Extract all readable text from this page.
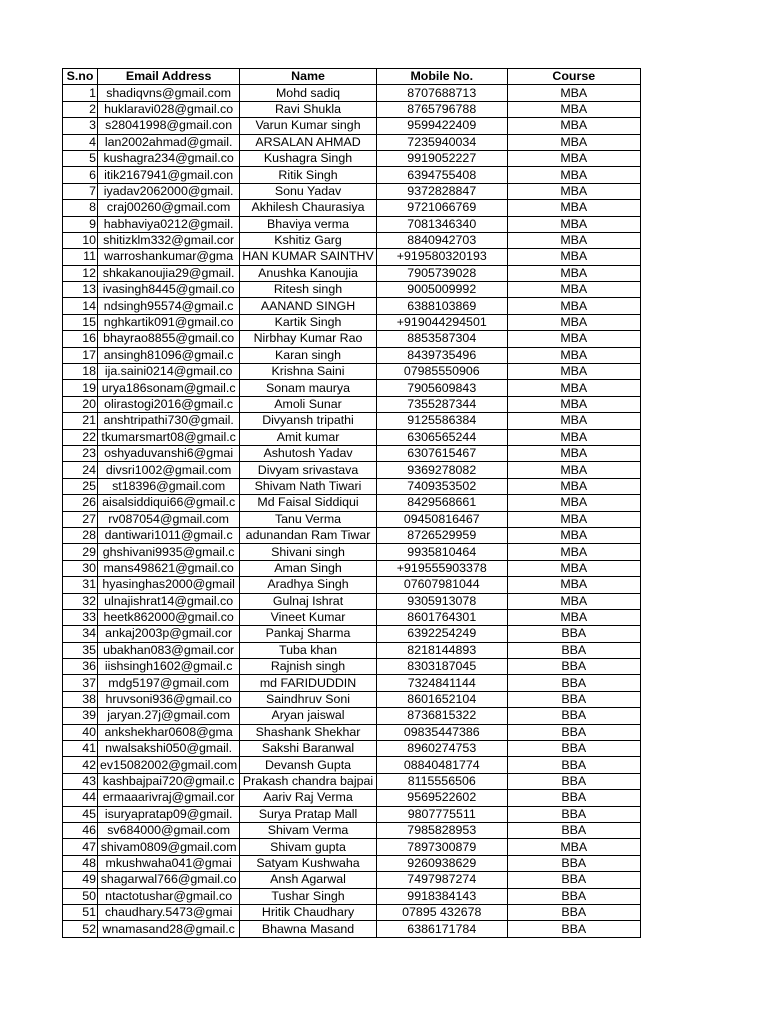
S.no	Email Address	Name	Mobile No.	Course
1	shadiqvns@gmail.com	Mohd sadiq	8707688713	MBA
2	huklaravi028@gmail.co	Ravi Shukla	8765796788	MBA
3	s28041998@gmail.con	Varun Kumar singh	9599422409	MBA
4	lan2002ahmad@gmail.	ARSALAN AHMAD	7235940034	MBA
5	kushagra234@gmail.co	Kushagra Singh	9919052227	MBA
6	itik2167941@gmail.con	Ritik Singh	6394755408	MBA
7	iyadav2062000@gmail.	Sonu Yadav	9372828847	MBA
8	craj00260@gmail.com	Akhilesh Chaurasiya	9721066769	MBA
9	habhaviya0212@gmail.	Bhaviya verma	7081346340	MBA
10	shitizklm332@gmail.cor	Kshitiz Garg	8840942703	MBA
11	warroshankumar@gma	HAN KUMAR SAINTHV	+919580320193	MBA
12	shkakanoujia29@gmail.	Anushka Kanoujia	7905739028	MBA
13	ivasingh8445@gmail.co	Ritesh singh	9005009992	MBA
14	ndsingh95574@gmail.c	AANAND SINGH	6388103869	MBA
15	nghkartik091@gmail.co	Kartik Singh	+919044294501	MBA
16	bhayrao8855@gmail.co	Nirbhay Kumar Rao	8853587304	MBA
17	ansingh81096@gmail.c	Karan singh	8439735496	MBA
18	ija.saini0214@gmail.co	Krishna Saini	07985550906	MBA
19	urya186sonam@gmail.c	Sonam maurya	7905609843	MBA
20	olirastogi2016@gmail.c	Amoli Sunar	7355287344	MBA
21	anshtripathi730@gmail.	Divyansh tripathi	9125586384	MBA
22	tkumarsmart08@gmail.c	Amit kumar	6306565244	MBA
23	oshyaduvanshi6@gmai	Ashutosh Yadav	6307615467	MBA
24	divsri1002@gmail.com	Divyam srivastava	9369278082	MBA
25	st18396@gmail.com	Shivam Nath Tiwari	7409353502	MBA
26	aisalsiddiqui66@gmail.c	Md Faisal Siddiqui	8429568661	MBA
27	rv087054@gmail.com	Tanu Verma	09450816467	MBA
28	dantiwari1011@gmail.c	adunandan Ram Tiwar	8726529959	MBA
29	ghshivani9935@gmail.c	Shivani singh	9935810464	MBA
30	mans498621@gmail.co	Aman Singh	+919555903378	MBA
31	hyasinghas2000@gmail	Aradhya Singh	07607981044	MBA
32	ulnajishrat14@gmail.co	Gulnaj Ishrat	9305913078	MBA
33	heetk862000@gmail.co	Vineet Kumar	8601764301	MBA
34	ankaj2003p@gmail.cor	Pankaj Sharma	6392254249	BBA
35	ubakhan083@gmail.cor	Tuba khan	8218144893	BBA
36	iishsingh1602@gmail.c	Rajnish singh	8303187045	BBA
37	mdg5197@gmail.com	md FARIDUDDIN	7324841144	BBA
38	hruvsoni936@gmail.co	Saindhruv Soni	8601652104	BBA
39	jaryan.27j@gmail.com	Aryan jaiswal	8736815322	BBA
40	ankshekhar0608@gma	Shashank Shekhar	09835447386	BBA
41	nwalsakshi050@gmail.	Sakshi Baranwal	8960274753	BBA
42	ev15082002@gmail.com	Devansh Gupta	08840481774	BBA
43	kashbajpai720@gmail.c	Prakash chandra bajpai	8115556506	BBA
44	ermaaarivraj@gmail.cor	Aariv Raj Verma	9569522602	BBA
45	isuryapratap09@gmail.	Surya Pratap Mall	9807775511	BBA
46	sv684000@gmail.com	Shivam Verma	7985828953	BBA
47	shivam0809@gmail.com	Shivam gupta	7897300879	MBA
48	mkushwaha041@gmai	Satyam Kushwaha	9260938629	BBA
49	shagarwal766@gmail.co	Ansh Agarwal	7497987274	BBA
50	ntactotushar@gmail.co	Tushar Singh	9918384143	BBA
51	chaudhary.5473@gmai	Hritik Chaudhary	07895 432678	BBA
52	wnamasand28@gmail.c	Bhawna Masand	6386171784	BBA
